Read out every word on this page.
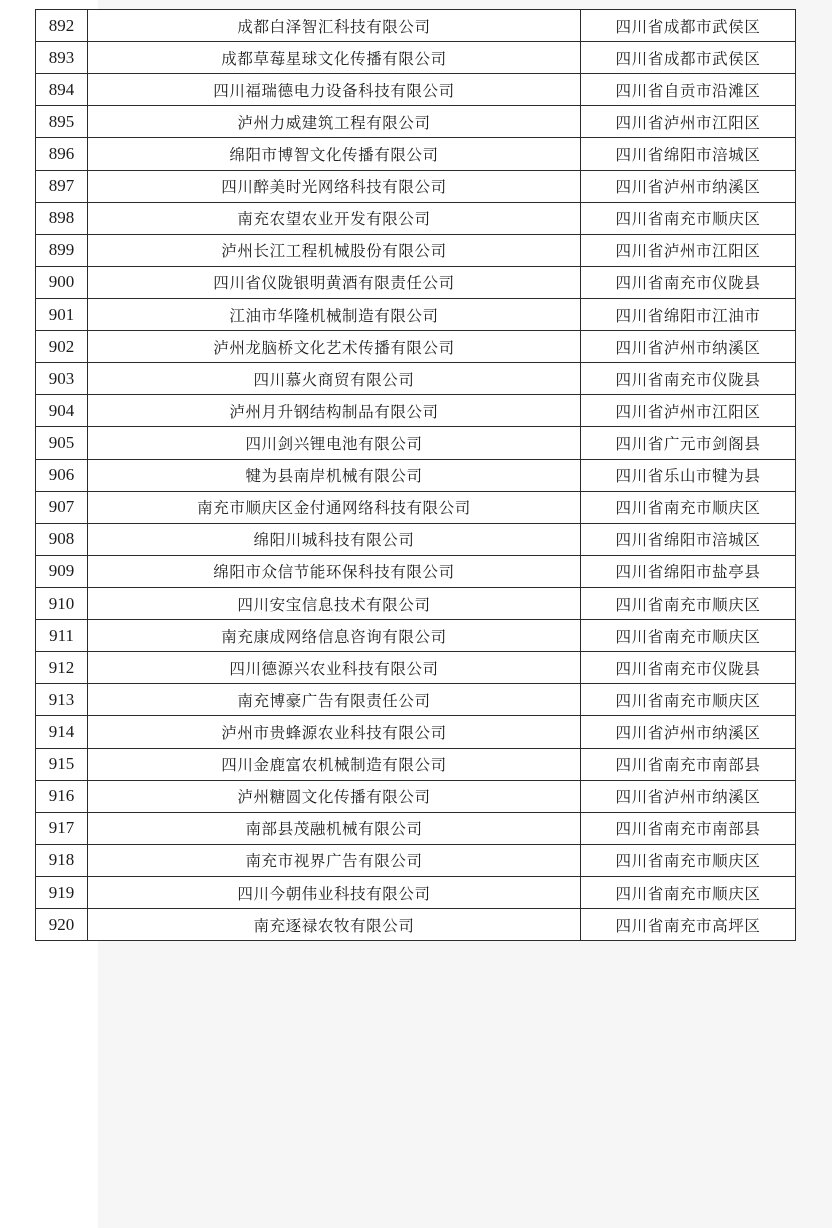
892	成都白泽智汇科技有限公司	四川省成都市武侯区
893	成都草莓星球文化传播有限公司	四川省成都市武侯区
894	四川福瑞德电力设备科技有限公司	四川省自贡市沿滩区
895	泸州力威建筑工程有限公司	四川省泸州市江阳区
896	绵阳市博智文化传播有限公司	四川省绵阳市涪城区
897	四川醉美时光网络科技有限公司	四川省泸州市纳溪区
898	南充农望农业开发有限公司	四川省南充市顺庆区
899	泸州长江工程机械股份有限公司	四川省泸州市江阳区
900	四川省仪陇银明黄酒有限责任公司	四川省南充市仪陇县
901	江油市华隆机械制造有限公司	四川省绵阳市江油市
902	泸州龙脑桥文化艺术传播有限公司	四川省泸州市纳溪区
903	四川慕火商贸有限公司	四川省南充市仪陇县
904	泸州月升钢结构制品有限公司	四川省泸州市江阳区
905	四川剑兴锂电池有限公司	四川省广元市剑阁县
906	犍为县南岸机械有限公司	四川省乐山市犍为县
907	南充市顺庆区金付通网络科技有限公司	四川省南充市顺庆区
908	绵阳川城科技有限公司	四川省绵阳市涪城区
909	绵阳市众信节能环保科技有限公司	四川省绵阳市盐亭县
910	四川安宝信息技术有限公司	四川省南充市顺庆区
911	南充康成网络信息咨询有限公司	四川省南充市顺庆区
912	四川德源兴农业科技有限公司	四川省南充市仪陇县
913	南充博豪广告有限责任公司	四川省南充市顺庆区
914	泸州市贵蜂源农业科技有限公司	四川省泸州市纳溪区
915	四川金鹿富农机械制造有限公司	四川省南充市南部县
916	泸州糖圆文化传播有限公司	四川省泸州市纳溪区
917	南部县茂融机械有限公司	四川省南充市南部县
918	南充市视界广告有限公司	四川省南充市顺庆区
919	四川今朝伟业科技有限公司	四川省南充市顺庆区
920	南充逐禄农牧有限公司	四川省南充市高坪区
